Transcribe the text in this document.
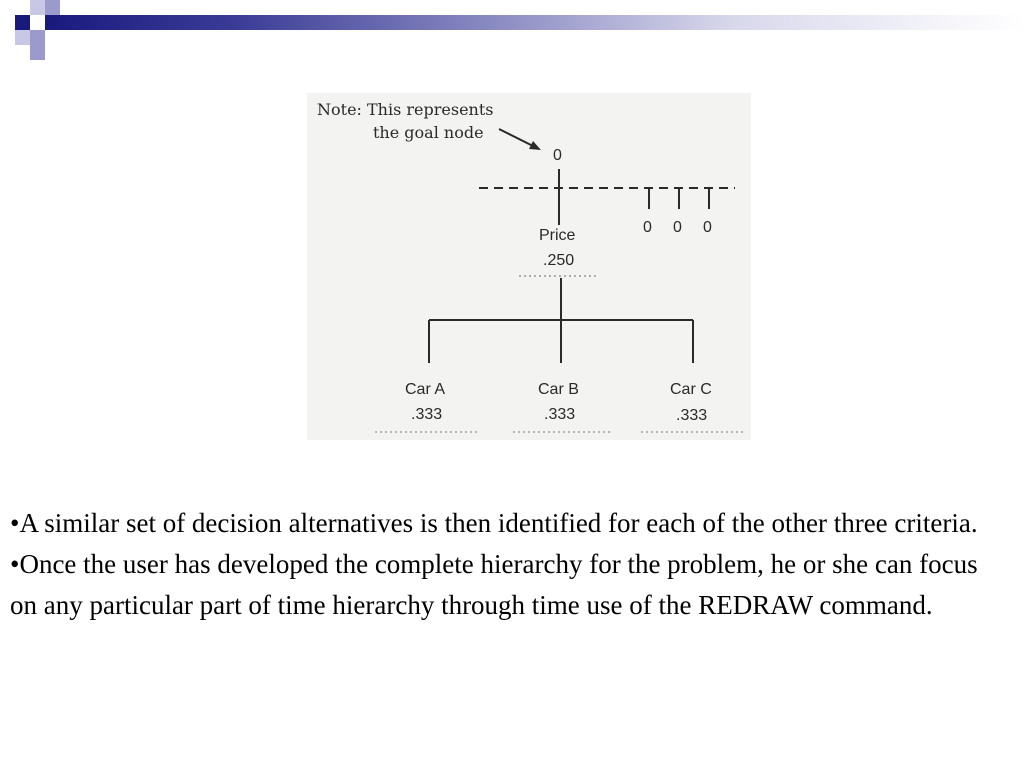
Note: This represents
the goal node
0
0 0 0
Price
.250
Car A
.333
Car B
.333
Car C
.333

•A similar set of decision alternatives is then identified for each of the other three criteria.

•Once the user has developed the complete hierarchy for the problem, he or she can focus on any particular part of time hierarchy through time use of the REDRAW command.
